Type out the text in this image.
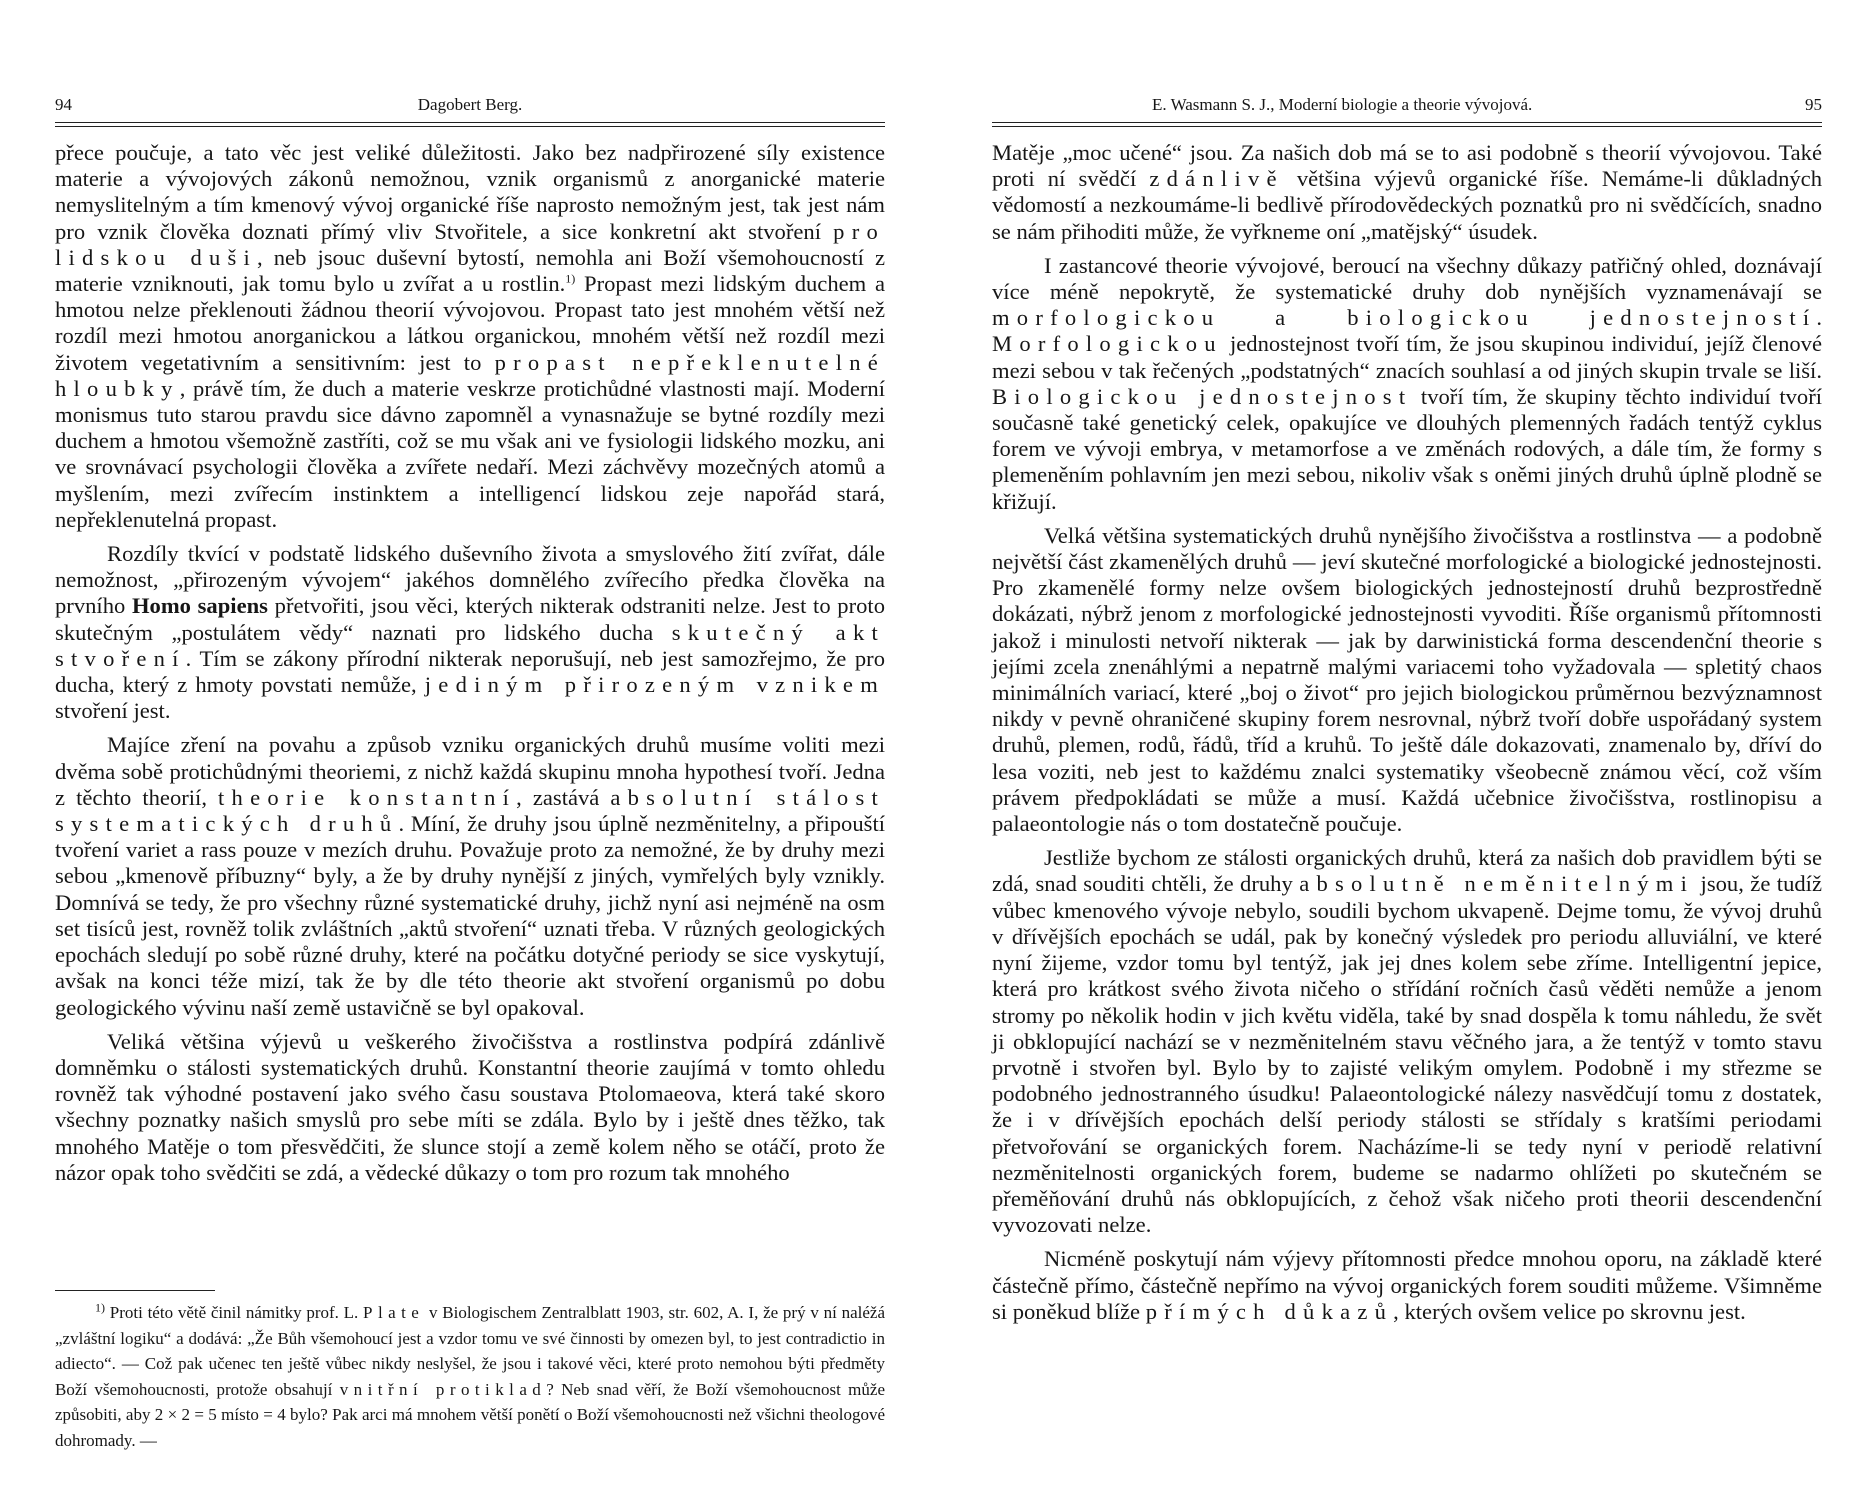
94	Dagobert Berg.

přece poučuje, a tato věc jest veliké důležitosti. Jako bez nadpřirozené síly existence materie a vývojových zákonů nemožnou, vznik organismů z anorganické materie nemyslitelným a tím kmenový vývoj organické říše naprosto nemožným jest, tak jest nám pro vznik člověka doznati přímý vliv Stvořitele, a sice konkretní akt stvoření pro lidskou duši, neb jsouc duševní bytostí, nemohla ani Boží všemohoucností z materie vzniknouti, jak tomu bylo u zvířat a u rostlin.$^{1)}$ Propast mezi lidským duchem a hmotou nelze překlenouti žádnou theorií vývojovou. Propast tato jest mnohém větší než rozdíl mezi hmotou anorganickou a látkou organickou, mnohém větší než rozdíl mezi životem vegetativním a sensitivním: jest to propast nepřeklenutelné hloubky, právě tím, že duch a materie veskrze protichůdné vlastnosti mají. Moderní monismus tuto starou pravdu sice dávno zapomněl a vynasnažuje se bytné rozdíly mezi duchem a hmotou všemožně zastříti, což se mu však ani ve fysiologii lidského mozku, ani ve srovnávací psychologii člověka a zvířete nedaří. Mezi záchvěvy mozečných atomů a myšlením, mezi zvířecím instinktem a intelligencí lidskou zeje napořád stará, nepřeklenutelná propast.

Rozdíly tkvící v podstatě lidského duševního života a smyslového žití zvířat, dále nemožnost, „přirozeným vývojem“ jakéhos domnělého zvířecího předka člověka na prvního Homo sapiens přetvořiti, jsou věci, kterých nikterak odstraniti nelze. Jest to proto skutečným „postulátem vědy“ naznati pro lidského ducha skutečný akt stvoření. Tím se zákony přírodní nikterak neporušují, neb jest samozřejmo, že pro ducha, který z hmoty povstati nemůže, jediným přirozeným vznikem stvoření jest.

Majíce zření na povahu a způsob vzniku organických druhů musíme voliti mezi dvěma sobě protichůdnými theoriemi, z nichž každá skupinu mnoha hypothesí tvoří. Jedna z těchto theorií, theorie konstantní, zastává absolutní stálost systematických druhů. Míní, že druhy jsou úplně nezměnitelny, a připouští tvoření variet a rass pouze v mezích druhu. Považuje proto za nemožné, že by druhy mezi sebou „kmenově příbuzny“ byly, a že by druhy nynější z jiných, vymřelých byly vznikly. Domnívá se tedy, že pro všechny různé systematické druhy, jichž nyní asi nejméně na osm set tisíců jest, rovněž tolik zvláštních „aktů stvoření“ uznati třeba. V různých geologických epochách sledují po sobě různé druhy, které na počátku dotyčné periody se sice vyskytují, avšak na konci téže mizí, tak že by dle této theorie akt stvoření organismů po dobu geologického vývinu naší země ustavičně se byl opakoval.

Veliká většina výjevů u veškerého živočišstva a rostlinstva podpírá zdánlivě domněmku o stálosti systematických druhů. Konstantní theorie zaujímá v tomto ohledu rovněž tak výhodné postavení jako svého času soustava Ptolomaeova, která také skoro všechny poznatky našich smyslů pro sebe míti se zdála. Bylo by i ještě dnes těžko, tak mnohého Matěje o tom přesvědčiti, že slunce stojí a země kolem něho se otáčí, proto že názor opak toho svědčiti se zdá, a vědecké důkazy o tom pro rozum tak mnohého

$^{1)}$ Proti této větě činil námitky prof. L. Plate v Biologischem Zentralblatt 1903, str. 602, A. I, že prý v ní naléžá „zvláštní logiku“ a dodává: „Že Bůh všemohoucí jest a vzdor tomu ve své činnosti by omezen byl, to jest contradictio in adiecto“. — Což pak učenec ten ještě vůbec nikdy neslyšel, že jsou i takové věci, které proto nemohou býti předměty Boží všemohoucnosti, protože obsahují vnitřní protiklad? Neb snad věří, že Boží všemohoucnost může způsobiti, aby 2 × 2 = 5 místo = 4 bylo? Pak arci má mnohem větší ponětí o Boží všemohoucnosti než všichni theologové dohromady. —

E. Wasmann S. J., Moderní biologie a theorie vývojová.	95

Matěje „moc učené“ jsou. Za našich dob má se to asi podobně s theorií vývojovou. Také proti ní svědčí zdánlivě většina výjevů organické říše. Nemáme-li důkladných vědomostí a nezkoumáme-li bedlivě přírodovědeckých poznatků pro ni svědčících, snadno se nám přihoditi může, že vyřkneme oní „matějský“ úsudek.

I zastancové theorie vývojové, beroucí na všechny důkazy patřičný ohled, doznávají více méně nepokrytě, že systematické druhy dob nynějších vyznamenávají se morfologickou a biologickou jednostejností. Morfologickou jednostejnost tvoří tím, že jsou skupinou individuí, jejíž členové mezi sebou v tak řečených „podstatných“ znacích souhlasí a od jiných skupin trvale se liší. Biologickou jednostejnost tvoří tím, že skupiny těchto individuí tvoří současně také genetický celek, opakujíce ve dlouhých plemenných řadách tentýž cyklus forem ve vývoji embrya, v metamorfose a ve změnách rodových, a dále tím, že formy s plemeněním pohlavním jen mezi sebou, nikoliv však s oněmi jiných druhů úplně plodně se křižují.

Velká většina systematických druhů nynějšího živočišstva a rostlinstva — a podobně největší část zkamenělých druhů — jeví skutečné morfologické a biologické jednostejnosti. Pro zkamenělé formy nelze ovšem biologických jednostejností druhů bezprostředně dokázati, nýbrž jenom z morfologické jednostejnosti vyvoditi. Říše organismů přítomnosti jakož i minulosti netvoří nikterak — jak by darwinistická forma descendenční theorie s jejími zcela znenáhlými a nepatrně malými variacemi toho vyžadovala — spletitý chaos minimálních variací, které „boj o život“ pro jejich biologickou průměrnou bezvýznamnost nikdy v pevně ohraničené skupiny forem nesrovnal, nýbrž tvoří dobře uspořádaný system druhů, plemen, rodů, řádů, tříd a kruhů. To ještě dále dokazovati, znamenalo by, dříví do lesa voziti, neb jest to každému znalci systematiky všeobecně známou věcí, což vším právem předpokládati se může a musí. Každá učebnice živočišstva, rostlinopisu a palaeontologie nás o tom dostatečně poučuje.

Jestliže bychom ze stálosti organických druhů, která za našich dob pravidlem býti se zdá, snad souditi chtěli, že druhy absolutně neměnitelnými jsou, že tudíž vůbec kmenového vývoje nebylo, soudili bychom ukvapeně. Dejme tomu, že vývoj druhů v dřívějších epochách se udál, pak by konečný výsledek pro periodu alluviální, ve které nyní žijeme, vzdor tomu byl tentýž, jak jej dnes kolem sebe zříme. Intelligentní jepice, která pro krátkost svého života ničeho o střídání ročních časů věděti nemůže a jenom stromy po několik hodin v jich květu viděla, také by snad dospěla k tomu náhledu, že svět ji obklopující nachází se v nezměnitelném stavu věčného jara, a že tentýž v tomto stavu prvotně i stvořen byl. Bylo by to zajisté velikým omylem. Podobně i my střezme se podobného jednostranného úsudku! Palaeontologické nálezy nasvědčují tomu z dostatek, že i v dřívějších epochách delší periody stálosti se střídaly s kratšími periodami přetvořování se organických forem. Nacházíme-li se tedy nyní v periodě relativní nezměnitelnosti organických forem, budeme se nadarmo ohlížeti po skutečném se přeměňování druhů nás obklopujících, z čehož však ničeho proti theorii descendenční vyvozovati nelze.

Nicméně poskytují nám výjevy přítomnosti předce mnohou oporu, na základě které částečně přímo, částečně nepřímo na vývoj organických forem souditi můžeme. Všimněme si poněkud blíže přímých důkazů, kterých ovšem velice po skrovnu jest.
